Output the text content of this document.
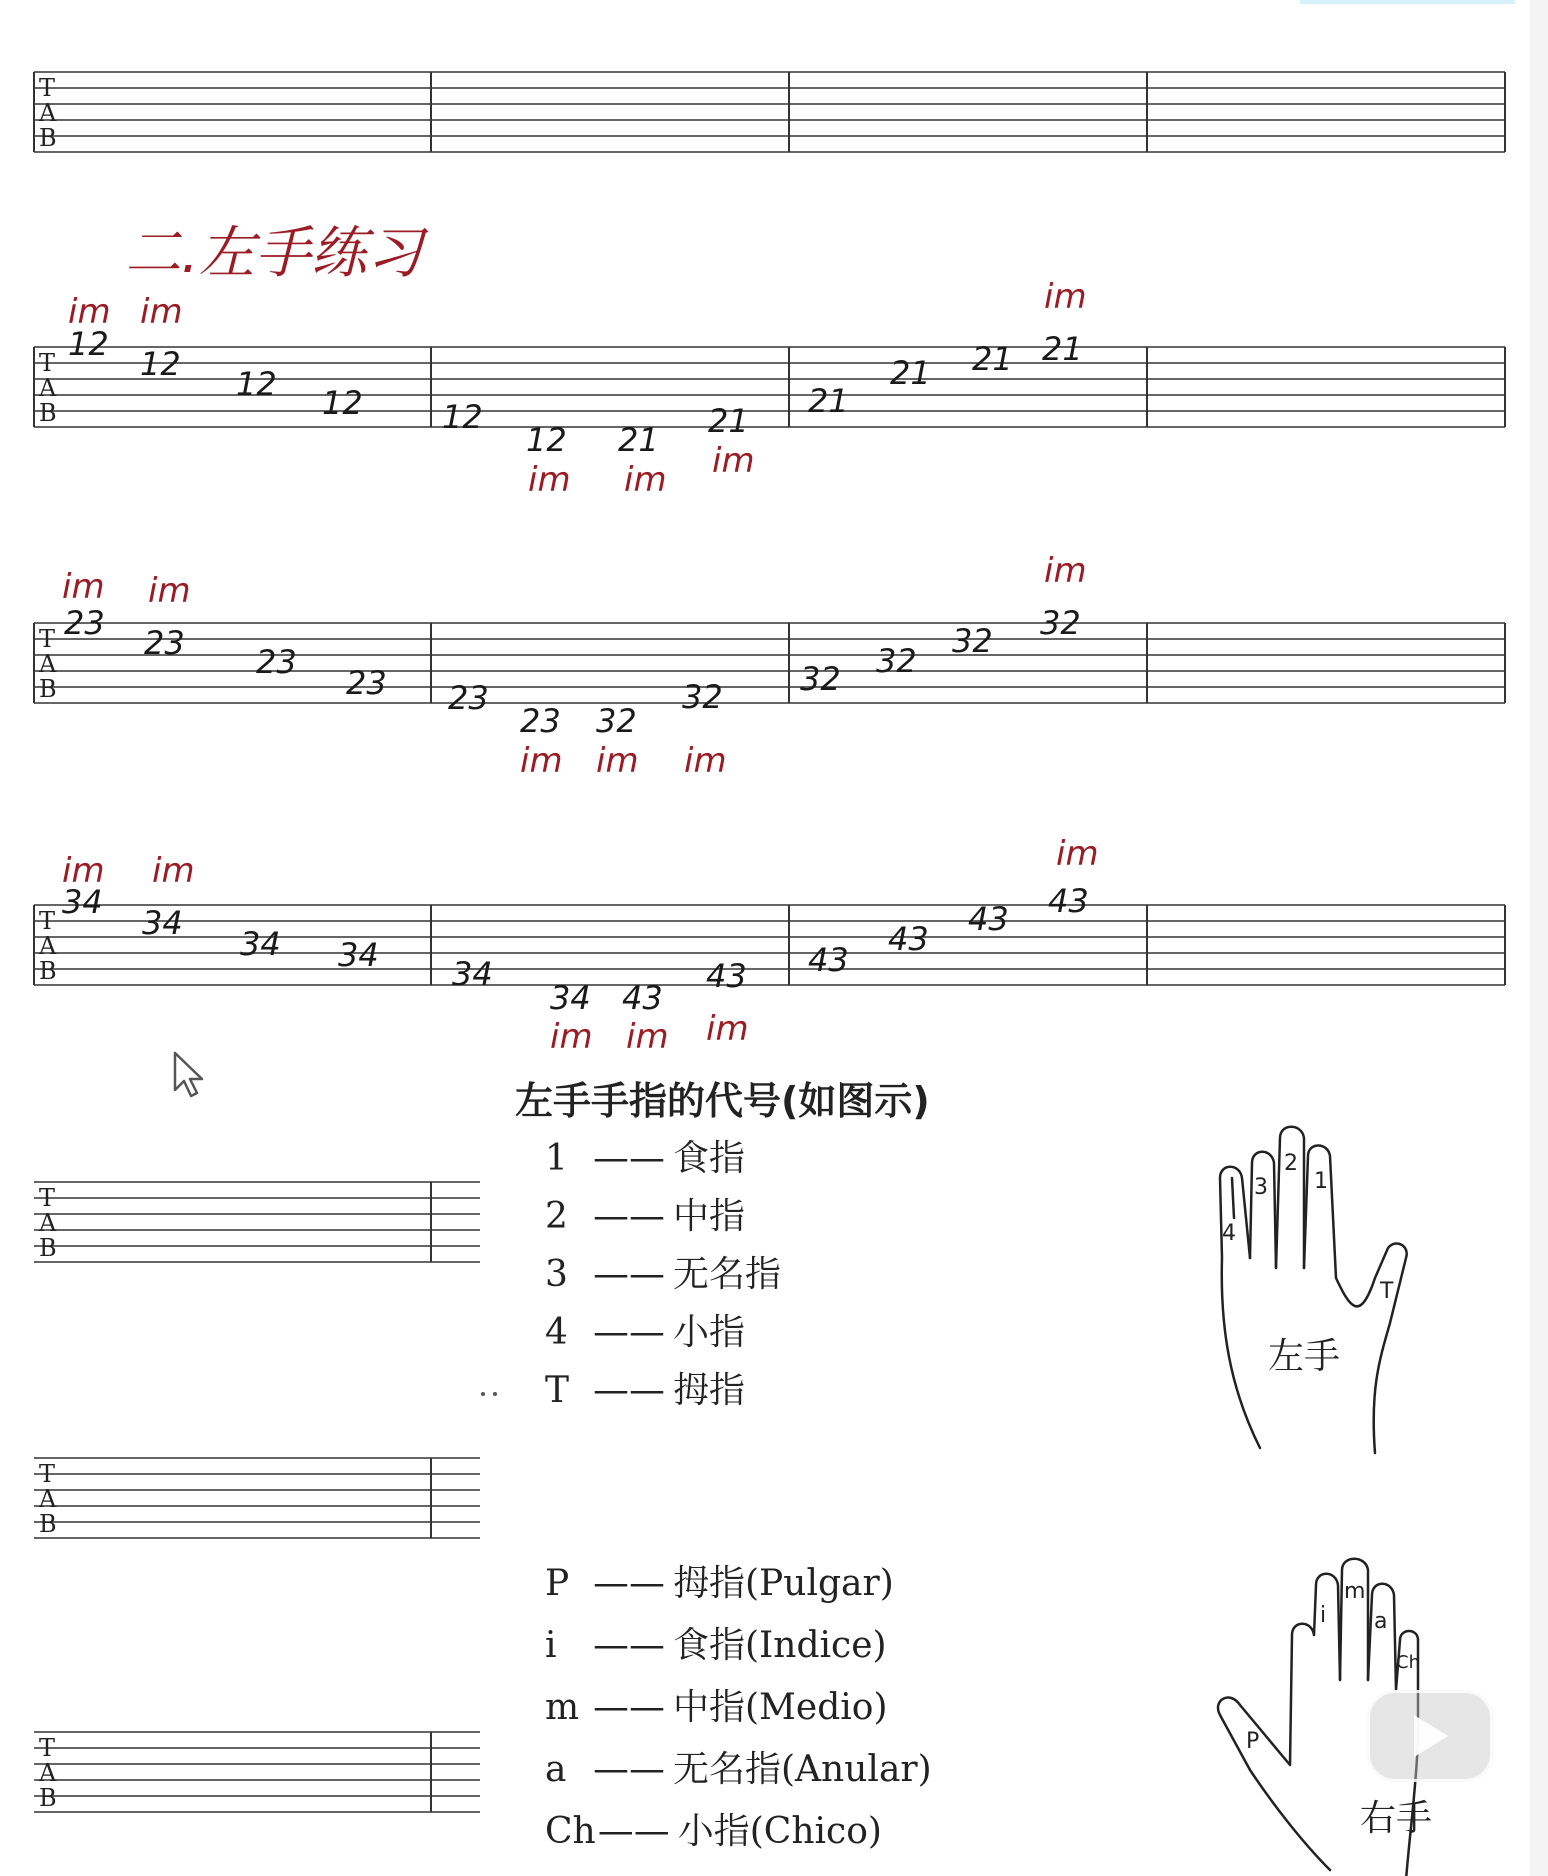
T
A
B
二.左手练习
T
A
B
12
12
12 12 12
12 21 21
21
21 21 21
im im	im
im im im
T
A
B
23
23 23
23 23
23 32
32 32 32
32 32
im im	im
im im im
T
A
B
34
34
34 34 34
34 43
43 43
43
43 43
im im	im
im im im
T
A
B
T
A
B
T
A
B
4
3
2
1
T
左手
P
i
m
a
Ch
右手
左手手指的代号(如图示)
1 —— 食指
2 —— 中指
3 —— 无名指
4 —— 小指
T —— 拇指
P —— 拇指(Pulgar)
i —— 食指(Indice)
m —— 中指(Medio)
a —— 无名指(Anular)
Ch—— 小指(Chico)
